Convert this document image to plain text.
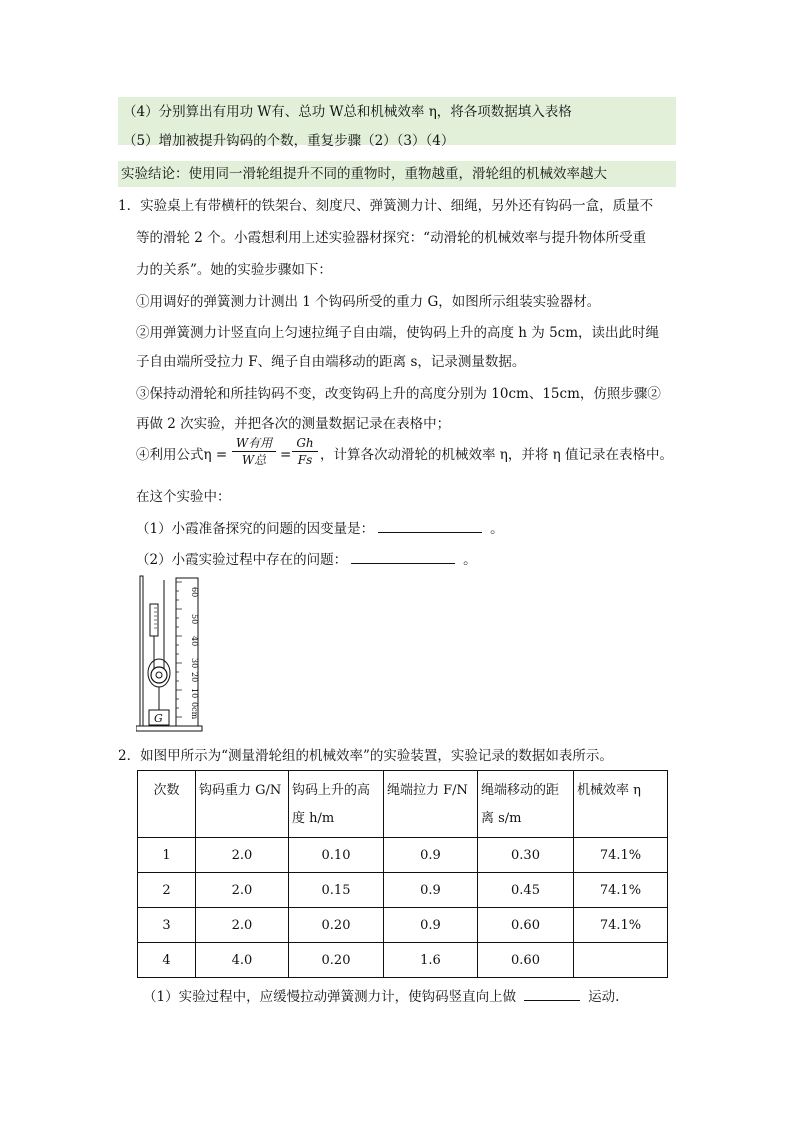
（4）分别算出有用功 W有、总功 W总和机械效率 η，将各项数据填入表格
（5）增加被提升钩码的个数，重复步骤（2）（3）（4）
实验结论：使用同一滑轮组提升不同的重物时，重物越重，滑轮组的机械效率越大
1．实验桌上有带横杆的铁架台、刻度尺、弹簧测力计、细绳，另外还有钩码一盒，质量不
等的滑轮 2 个。小霞想利用上述实验器材探究：“动滑轮的机械效率与提升物体所受重
力的关系”。她的实验步骤如下：
①用调好的弹簧测力计测出 1 个钩码所受的重力 G，如图所示组装实验器材。
②用弹簧测力计竖直向上匀速拉绳子自由端，使钩码上升的高度 h 为 5cm，读出此时绳
子自由端所受拉力 F、绳子自由端移动的距离 s，记录测量数据。
③保持动滑轮和所挂钩码不变，改变钩码上升的高度分别为 10cm、15cm，仿照步骤②
再做 2 次实验，并把各次的测量数据记录在表格中；
④利用公式η =
W有用
W总	= $\frac{Gh}{Fs}$ ，计算各次动滑轮的机械效率 η，并将 η 值记录在表格中。
在这个实验中：
（1）小霞准备探究的问题的因变量是：	。
（2）小霞实验过程中存在的问题：	。
60
50
40
30
20
10
0cm
G
2．如图甲所示为“测量滑轮组的机械效率”的实验装置，实验记录的数据如表所示。
次数	钩码重力 G/N	钩码上升的高度 h/m	绳端拉力 F/N	绳端移动的距离 s/m	机械效率 η
1	2.0	0.10	0.9	0.30	74.1%
2	2.0	0.15	0.9	0.45	74.1%
3	2.0	0.20	0.9	0.60	74.1%
4	4.0	0.20	1.6	0.60	
（1）实验过程中，应缓慢拉动弹簧测力计，使钩码竖直向上做	运动.
